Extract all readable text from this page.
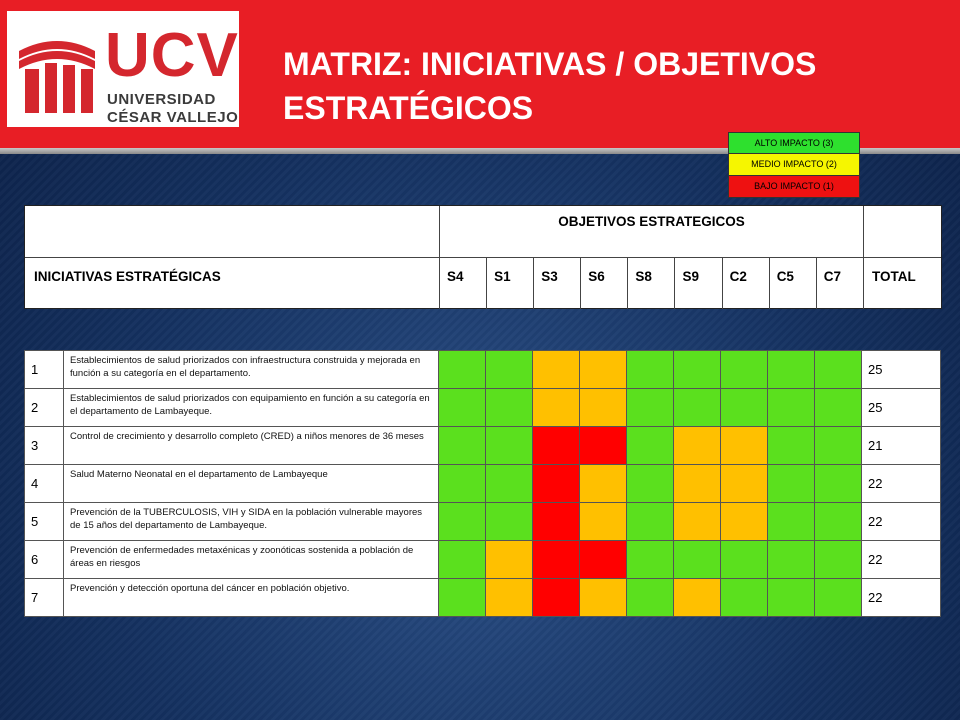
UCV
UNIVERSIDAD
CÉSAR VALLEJO
MATRIZ: INICIATIVAS / OBJETIVOS ESTRATÉGICOS
ALTO IMPACTO (3)
MEDIO IMPACTO (2)
BAJO IMPACTO (1)
OBJETIVOS ESTRATEGICOS
INICIATIVAS ESTRATÉGICAS	S4	S1	S3	S6	S8	S9	C2	C5	C7	TOTAL
1	Establecimientos de salud priorizados con infraestructura construida y mejorada en función a su categoría en el departamento.										25
2	Establecimientos de salud priorizados con equipamiento en función a su categoría en el departamento de Lambayeque.										25
3	Control de crecimiento y desarrollo completo (CRED) a niños menores de 36 meses										21
4	Salud Materno Neonatal en el departamento de Lambayeque										22
5	Prevención de la TUBERCULOSIS, VIH y SIDA en la población vulnerable mayores de 15 años del departamento de Lambayeque.										22
6	Prevención de enfermedades metaxénicas y zoonóticas sostenida a población de áreas en riesgos										22
7	Prevención y detección oportuna del cáncer en población objetivo.										22
